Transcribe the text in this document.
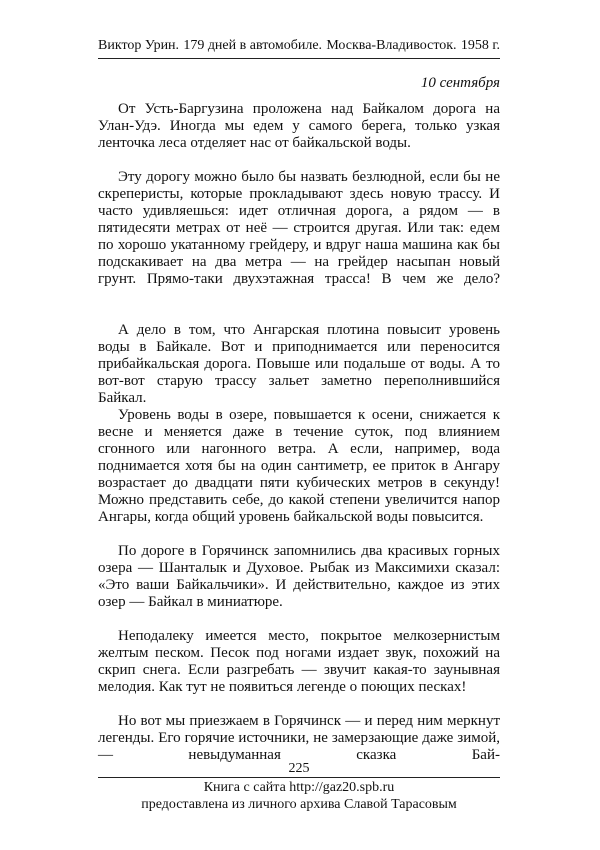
Виктор Урин. 179 дней в автомобиле. Москва-Владивосток. 1958 г.
10 сентября

От Усть-Баргузина проложена над Байкалом дорога на Улан-Удэ. Иногда мы едем у самого берега, только узкая ленточка леса отделяет нас от байкальской воды.

Эту дорогу можно было бы назвать безлюдной, если бы не скреперисты, которые прокладывают здесь новую трассу. И часто удивляешься: идет отличная дорога, а рядом — в пятидесяти метрах от неё — строится другая. Или так: едем по хорошо укатанному грейдеру, и вдруг наша машина как бы подскакивает на два метра — на грейдер насыпан новый грунт. Прямо-таки двухэтажная трасса! В чем же дело?

А дело в том, что Ангарская плотина повысит уровень воды в Байкале. Вот и приподнимается или переносится прибайкальская дорога. Повыше или подальше от воды. А то вот-вот старую трассу зальет заметно переполнившийся Байкал.

Уровень воды в озере, повышается к осени, снижается к весне и меняется даже в течение суток, под влиянием сгонного или нагонного ветра. А если, например, вода поднимается хотя бы на один сантиметр, ее приток в Ангару возрастает до двадцати пяти кубических метров в секунду! Можно представить себе, до какой степени увеличится напор Ангары, когда общий уровень байкальской воды повысится.

По дороге в Горячинск запомнились два красивых горных озера — Шанталык и Духовое. Рыбак из Максимихи сказал: «Это ваши Байкальчики». И действительно, каждое из этих озер — Байкал в миниатюре.

Неподалеку имеется место, покрытое мелкозернистым желтым песком. Песок под ногами издает звук, похожий на скрип снега. Если разгребать — звучит какая-то заунывная мелодия. Как тут не появиться легенде о поющих песках!

Но вот мы приезжаем в Горячинск — и перед ним меркнут легенды. Его горячие источники, не замерзающие даже зимой, — невыдуманная сказка Бай-

225
Книга с сайта http://gaz20.spb.ru
предоставлена из личного архива Славой Тарасовым
